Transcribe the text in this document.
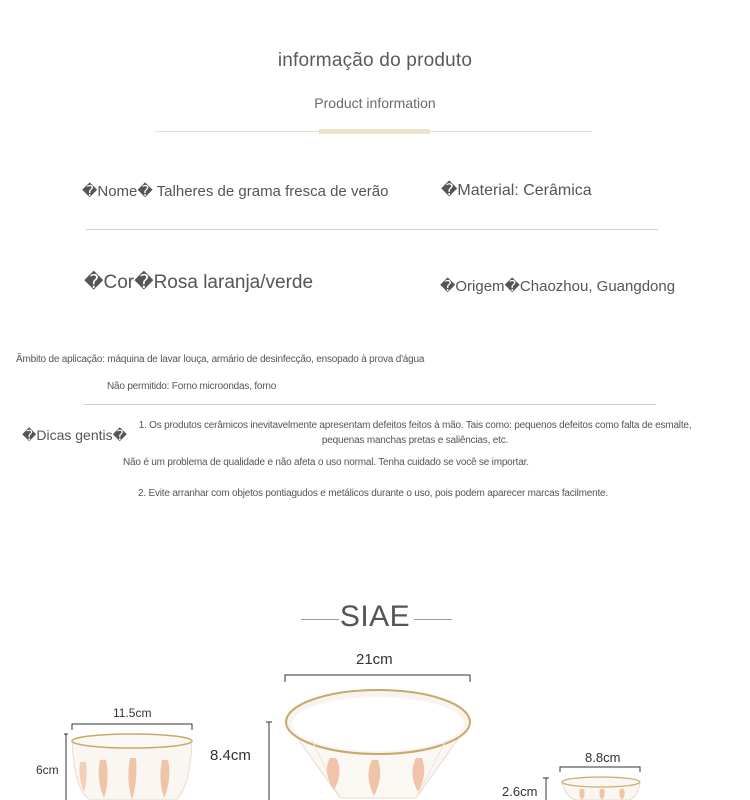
informação do produto
Product information
�Nome� Talheres de grama fresca de verão	�Material: Cerâmica
�Cor�Rosa laranja/verde	�Origem�Chaozhou, Guangdong
Âmbito de aplicação: máquina de lavar louça, armário de desinfecção, ensopado à prova d'água
Não permitido: Forno microondas, forno
�Dicas gentis�
1. Os produtos cerâmicos inevitavelmente apresentam defeitos feitos à mão. Tais como: pequenos defeitos como falta de esmalte, pequenas manchas pretas e saliências, etc.
Não é um problema de qualidade e não afeta o uso normal. Tenha cuidado se você se importar.
2. Evite arranhar com objetos pontiagudos e metálicos durante o uso, pois podem aparecer marcas facilmente.
SIAE
11.5cm
6cm
21cm
8.4cm	8.8cm
2.6cm
